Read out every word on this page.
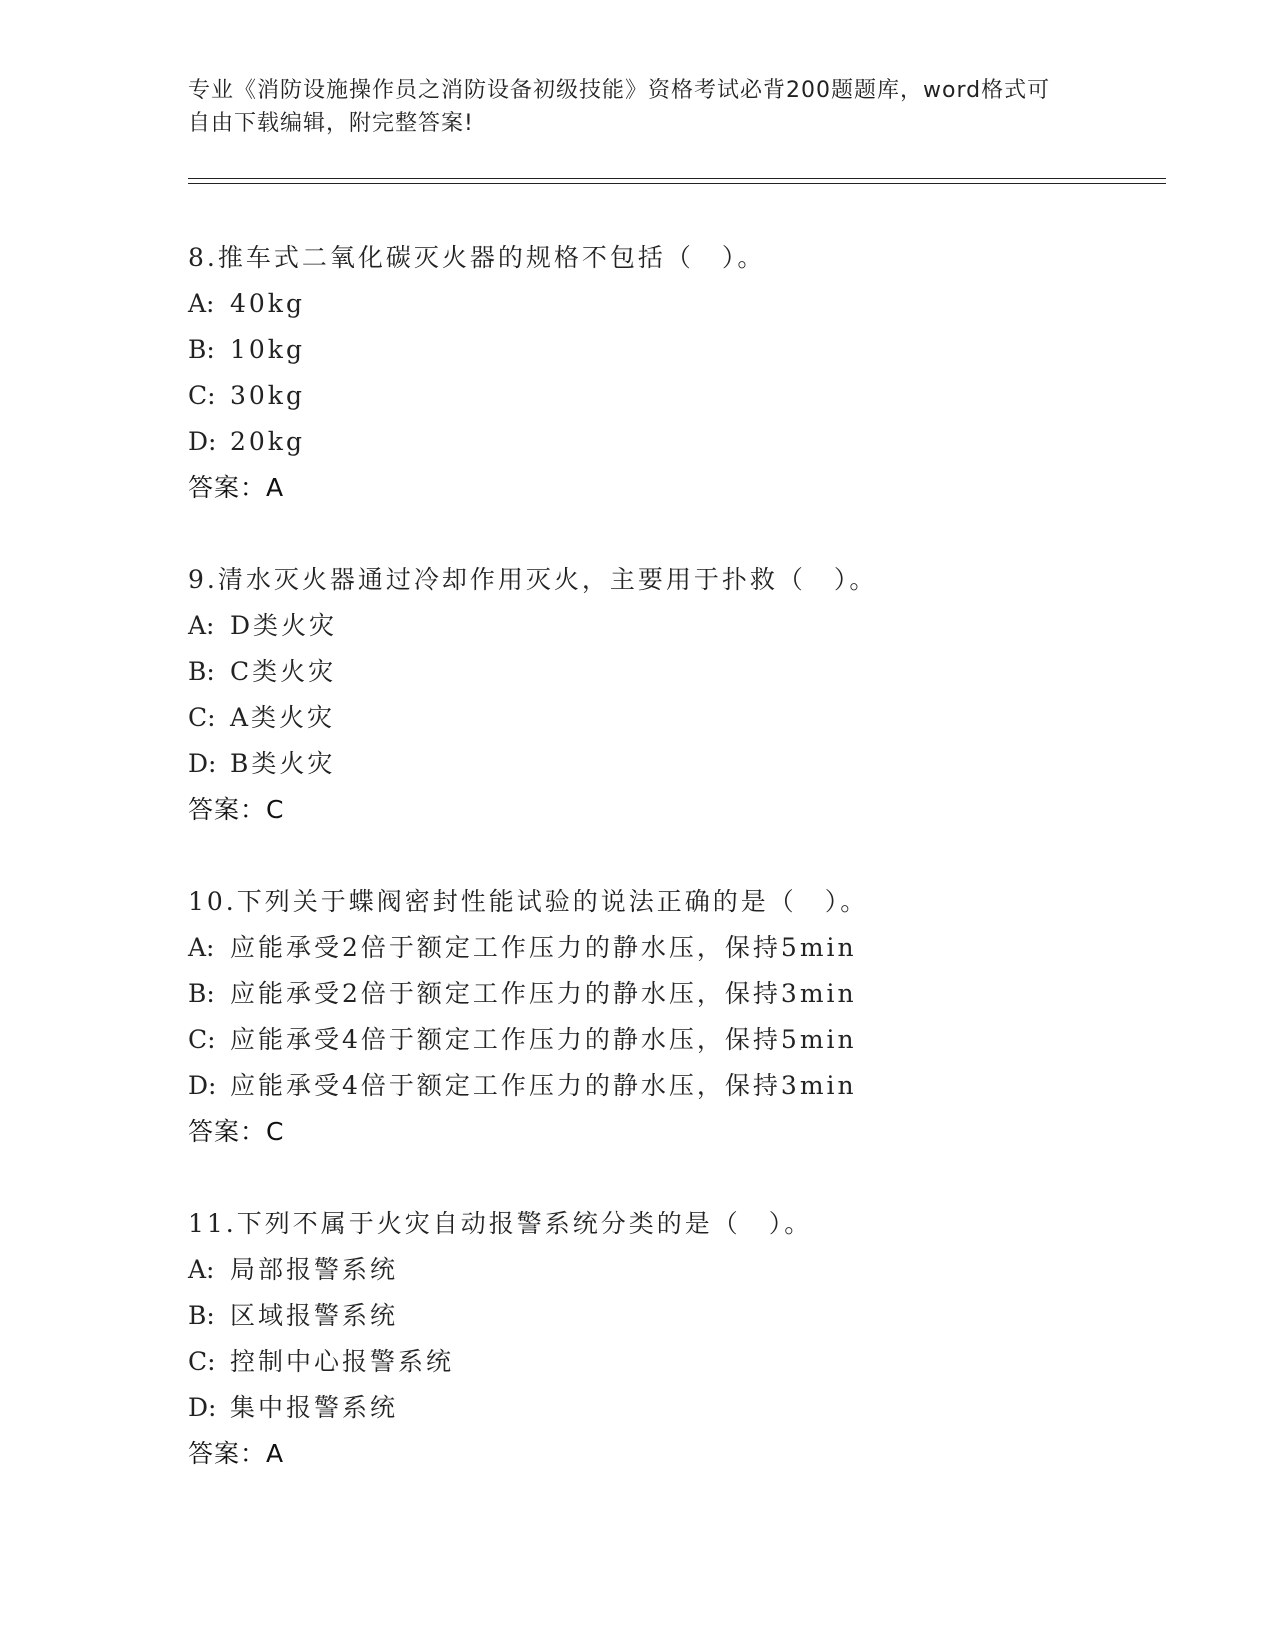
专业《消防设施操作员之消防设备初级技能》资格考试必背200题题库，word格式可自由下载编辑，附完整答案!
8.推车式二氧化碳灭火器的规格不包括（　）。
A: 40kg
B: 10kg
C: 30kg
D: 20kg
答案：A
9.清水灭火器通过冷却作用灭火，主要用于扑救（　）。
A: D类火灾
B: C类火灾
C: A类火灾
D: B类火灾
答案：C
10.下列关于蝶阀密封性能试验的说法正确的是（　）。
A: 应能承受2倍于额定工作压力的静水压，保持5min
B: 应能承受2倍于额定工作压力的静水压，保持3min
C: 应能承受4倍于额定工作压力的静水压，保持5min
D: 应能承受4倍于额定工作压力的静水压，保持3min
答案：C
11.下列不属于火灾自动报警系统分类的是（　）。
A: 局部报警系统
B: 区域报警系统
C: 控制中心报警系统
D: 集中报警系统
答案：A
